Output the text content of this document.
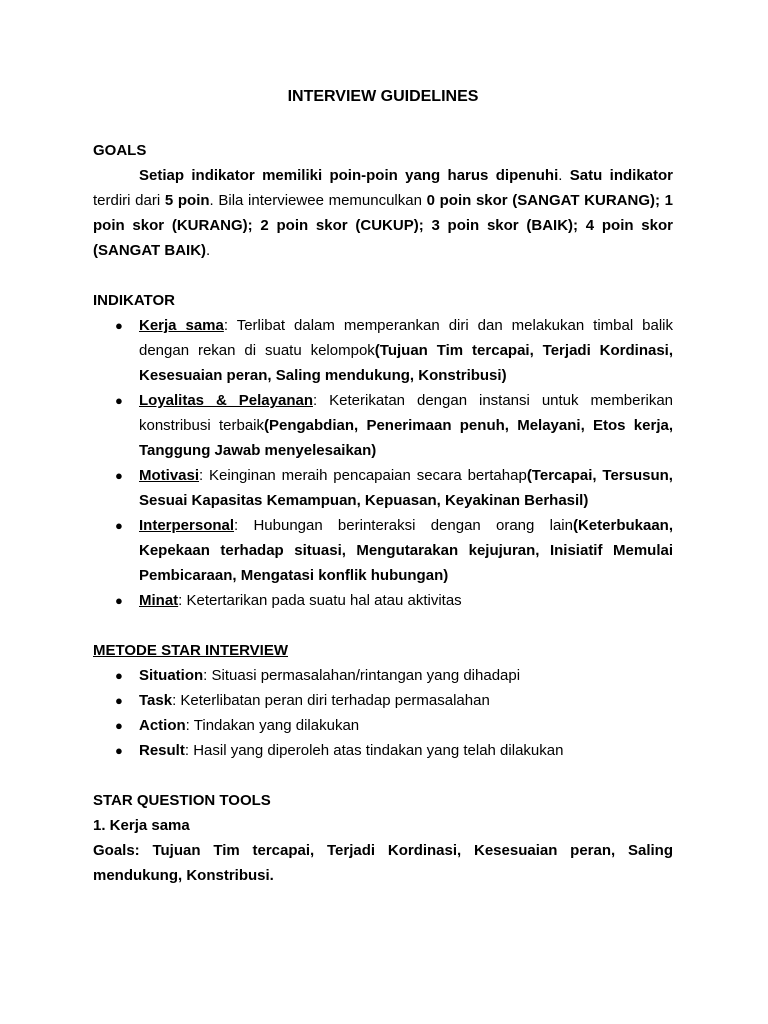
INTERVIEW GUIDELINES

GOALS

Setiap indikator memiliki poin-poin yang harus dipenuhi. Satu indikator terdiri dari 5 poin. Bila interviewee memunculkan 0 poin skor (SANGAT KURANG); 1 poin skor (KURANG); 2 poin skor (CUKUP); 3 poin skor (BAIK); 4 poin skor (SANGAT BAIK).

INDIKATOR

● Kerja sama: Terlibat dalam memperankan diri dan melakukan timbal balik dengan rekan di suatu kelompok(Tujuan Tim tercapai, Terjadi Kordinasi, Kesesuaian peran, Saling mendukung, Konstribusi)
● Loyalitas & Pelayanan: Keterikatan dengan instansi untuk memberikan konstribusi terbaik(Pengabdian, Penerimaan penuh, Melayani, Etos kerja, Tanggung Jawab menyelesaikan)
● Motivasi: Keinginan meraih pencapaian secara bertahap(Tercapai, Tersusun, Sesuai Kapasitas Kemampuan, Kepuasan, Keyakinan Berhasil)
● Interpersonal: Hubungan berinteraksi dengan orang lain(Keterbukaan, Kepekaan terhadap situasi, Mengutarakan kejujuran, Inisiatif Memulai Pembicaraan, Mengatasi konflik hubungan)
● Minat: Ketertarikan pada suatu hal atau aktivitas

METODE STAR INTERVIEW

● Situation: Situasi permasalahan/rintangan yang dihadapi
● Task: Keterlibatan peran diri terhadap permasalahan
● Action: Tindakan yang dilakukan
● Result: Hasil yang diperoleh atas tindakan yang telah dilakukan

STAR QUESTION TOOLS

1. Kerja sama

Goals: Tujuan Tim tercapai, Terjadi Kordinasi, Kesesuaian peran, Saling mendukung, Konstribusi.
